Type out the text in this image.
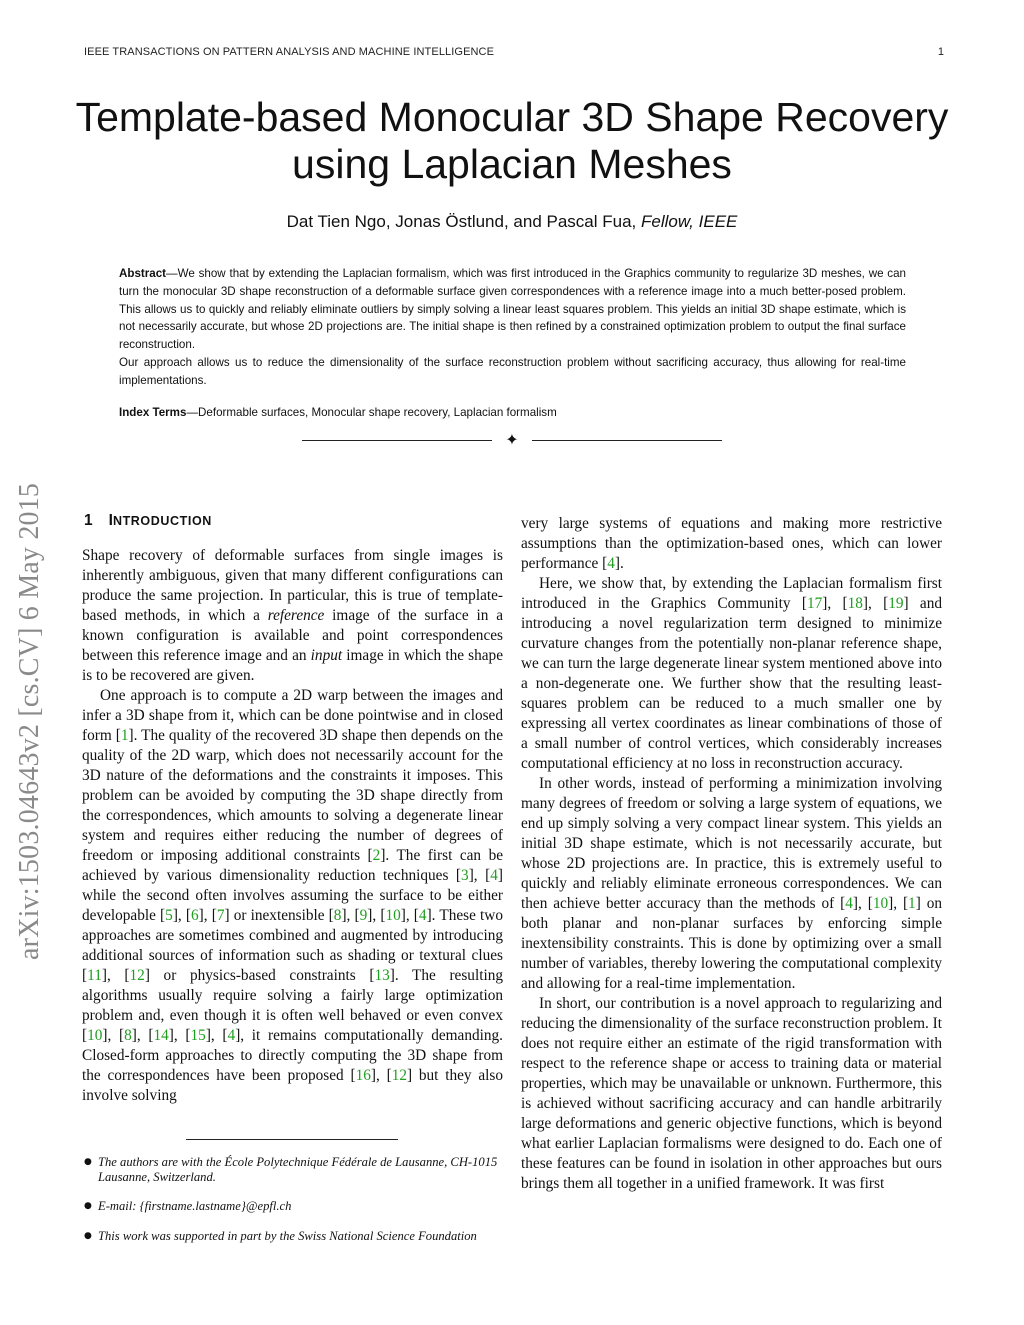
IEEE TRANSACTIONS ON PATTERN ANALYSIS AND MACHINE INTELLIGENCE	1
Template-based Monocular 3D Shape Recovery
using Laplacian Meshes
Dat Tien Ngo, Jonas Östlund, and Pascal Fua, Fellow, IEEE

Abstract—We show that by extending the Laplacian formalism, which was first introduced in the Graphics community to regularize 3D meshes, we can turn the monocular 3D shape reconstruction of a deformable surface given correspondences with a reference image into a much better-posed problem. This allows us to quickly and reliably eliminate outliers by simply solving a linear least squares problem. This yields an initial 3D shape estimate, which is not necessarily accurate, but whose 2D projections are. The initial shape is then refined by a constrained optimization problem to output the final surface reconstruction.

Our approach allows us to reduce the dimensionality of the surface reconstruction problem without sacrificing accuracy, thus allowing for real-time implementations.

Index Terms—Deformable surfaces, Monocular shape recovery, Laplacian formalism
✦
arXiv:1503.04643v2 [cs.CV] 6 May 2015	1 INTRODUCTION

Shape recovery of deformable surfaces from single images is inherently ambiguous, given that many different configurations can produce the same projection. In particular, this is true of template-based methods, in which a reference image of the surface in a known configuration is available and point correspondences between this reference image and an input image in which the shape is to be recovered are given.

One approach is to compute a 2D warp between the images and infer a 3D shape from it, which can be done pointwise and in closed form [1]. The quality of the recovered 3D shape then depends on the quality of the 2D warp, which does not necessarily account for the 3D nature of the deformations and the constraints it imposes. This problem can be avoided by computing the 3D shape directly from the correspondences, which amounts to solving a degenerate linear system and requires either reducing the number of degrees of freedom or imposing additional constraints [2]. The first can be achieved by various dimensionality reduction techniques [3], [4] while the second often involves assuming the surface to be either developable [5], [6], [7] or inextensible [8], [9], [10], [4]. These two approaches are sometimes combined and augmented by introducing additional sources of information such as shading or textural clues [11], [12] or physics-based constraints [13]. The resulting algorithms usually require solving a fairly large optimization problem and, even though it is often well behaved or even convex [10], [8], [14], [15], [4], it remains computationally demanding. Closed-form approaches to directly computing the 3D shape from the correspondences have been proposed [16], [12] but they also involve solving

● The authors are with the École Polytechnique Fédérale de Lausanne, CH-1015 Lausanne, Switzerland.
● E-mail: {firstname.lastname}@epfl.ch
● This work was supported in part by the Swiss National Science Foundation

very large systems of equations and making more restrictive assumptions than the optimization-based ones, which can lower performance [4].

Here, we show that, by extending the Laplacian formalism first introduced in the Graphics Community [17], [18], [19] and introducing a novel regularization term designed to minimize curvature changes from the potentially non-planar reference shape, we can turn the large degenerate linear system mentioned above into a non-degenerate one. We further show that the resulting least-squares problem can be reduced to a much smaller one by expressing all vertex coordinates as linear combinations of those of a small number of control vertices, which considerably increases computational efficiency at no loss in reconstruction accuracy.

In other words, instead of performing a minimization involving many degrees of freedom or solving a large system of equations, we end up simply solving a very compact linear system. This yields an initial 3D shape estimate, which is not necessarily accurate, but whose 2D projections are. In practice, this is extremely useful to quickly and reliably eliminate erroneous correspondences. We can then achieve better accuracy than the methods of [4], [10], [1] on both planar and non-planar surfaces by enforcing simple inextensibility constraints. This is done by optimizing over a small number of variables, thereby lowering the computational complexity and allowing for a real-time implementation.

In short, our contribution is a novel approach to regularizing and reducing the dimensionality of the surface reconstruction problem. It does not require either an estimate of the rigid transformation with respect to the reference shape or access to training data or material properties, which may be unavailable or unknown. Furthermore, this is achieved without sacrificing accuracy and can handle arbitrarily large deformations and generic objective functions, which is beyond what earlier Laplacian formalisms were designed to do. Each one of these features can be found in isolation in other approaches but ours brings them all together in a unified framework. It was first
